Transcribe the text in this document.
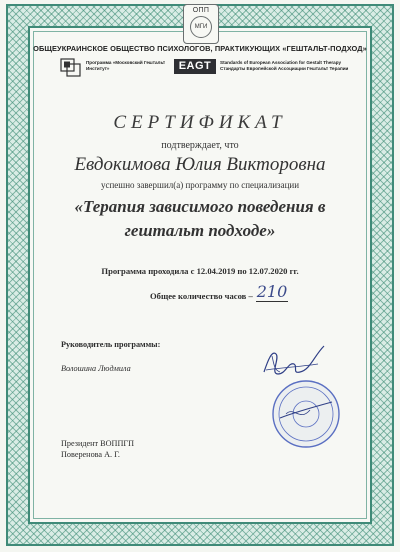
ОПП
МГИ
ОБЩЕУКРАИНСКОЕ ОБЩЕСТВО ПСИХОЛОГОВ, ПРАКТИКУЮЩИХ «ГЕШТАЛЬТ-ПОДХОД»
Программа «Московский Гештальт Институт»	EAGT	Standards of European Association for Gestalt Therapy Стандарты Европейской Ассоциации Гештальт Терапии
СЕРТИФИКАТ
подтверждает, что
Евдокимова Юлия Викторовна
успешно завершил(а) программу по специализации
«Терапия зависимого поведения в
гештальт подходе»
Программа проходила с 12.04.2019 по 12.07.2020 гг.
Общее количество часов – 210
Руководитель программы:
Волошина Людмила
Президент ВОППГП
Поверенова А. Г.
